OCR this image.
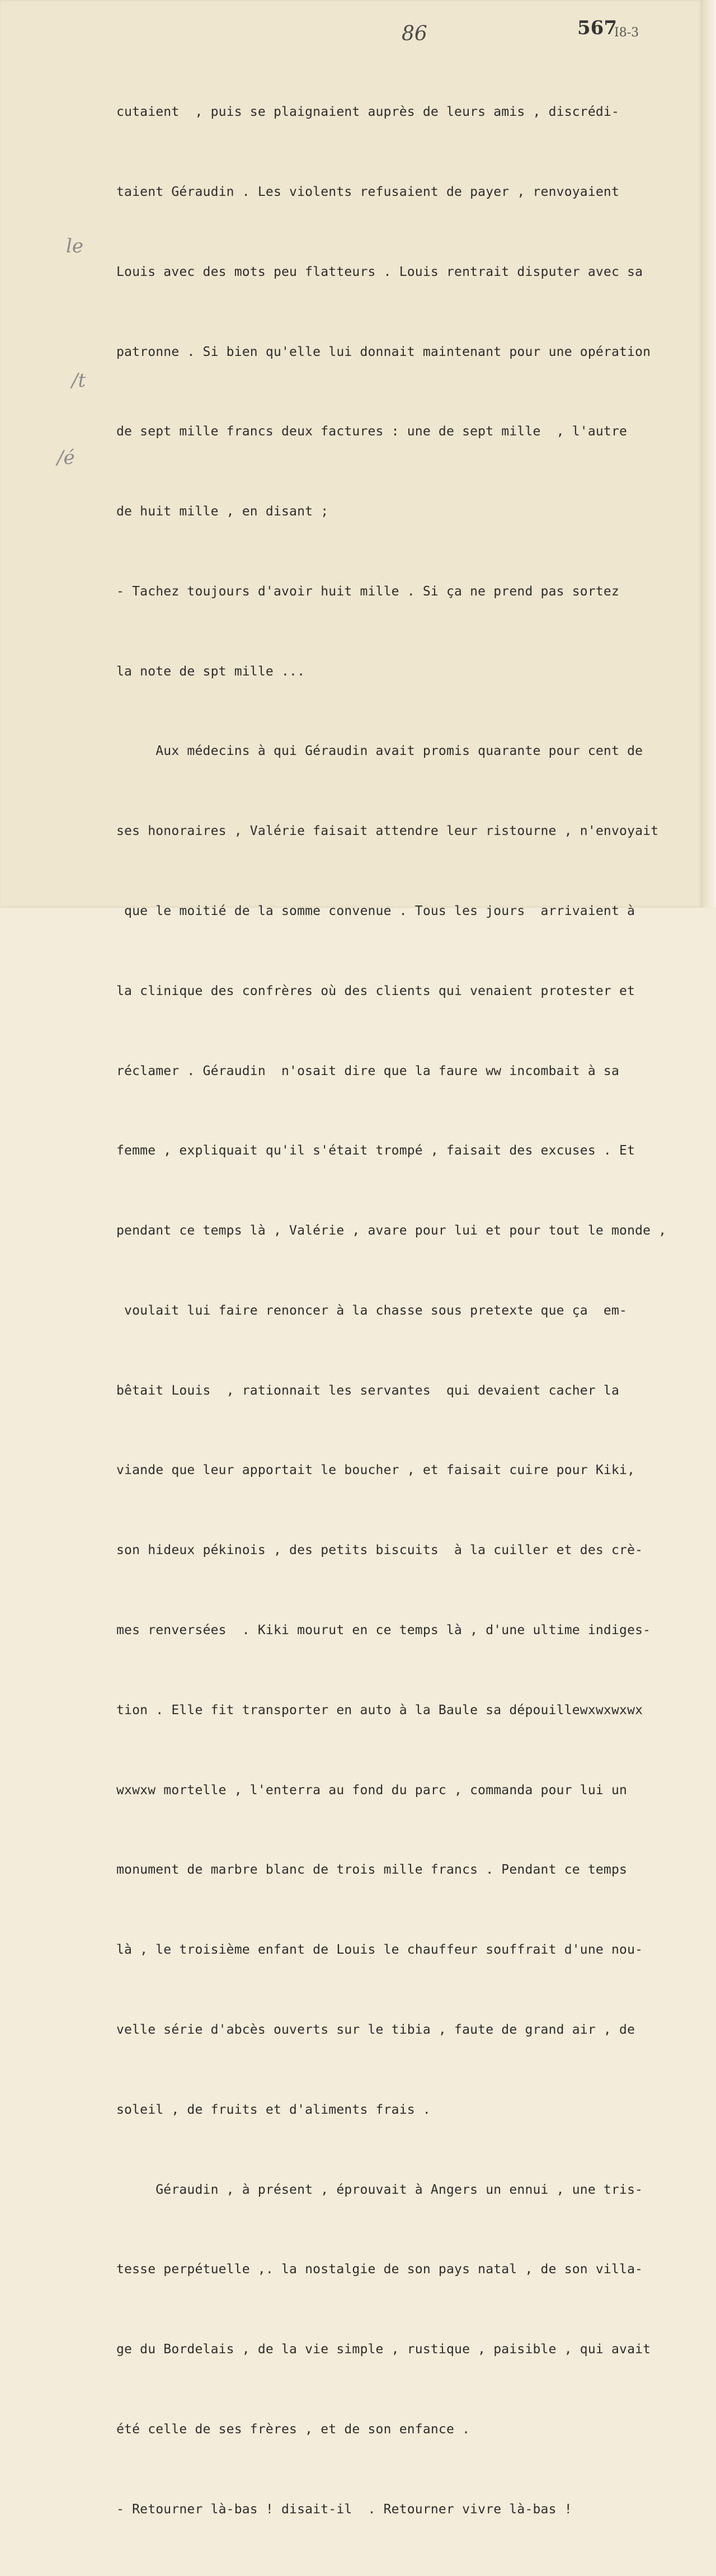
86	567
I8-3
le
/t
/é

cutaient  , puis se plaignaient auprès de leurs amis , discrédi-

taient Géraudin . Les violents refusaient de payer , renvoyaient

Louis avec des mots peu flatteurs . Louis rentrait disputer avec sa

patronne . Si bien qu'elle lui donnait maintenant pour une opération

de sept mille francs deux factures : une de sept mille  , l'autre

de huit mille , en disant ;

- Tachez toujours d'avoir huit mille . Si ça ne prend pas sortez

la note de spt mille ...

Aux médecins à qui Géraudin avait promis quarante pour cent de

ses honoraires , Valérie faisait attendre leur ristourne , n'envoyait

que le moitié de la somme convenue . Tous les jours  arrivaient à

la clinique des confrères où des clients qui venaient protester et

réclamer . Géraudin  n'osait dire que la faure ww incombait à sa

femme , expliquait qu'il s'était trompé , faisait des excuses . Et

pendant ce temps là , Valérie , avare pour lui et pour tout le monde ,

voulait lui faire renoncer à la chasse sous pretexte que ça  em-

bêtait Louis  , rationnait les servantes  qui devaient cacher la

viande que leur apportait le boucher , et faisait cuire pour Kiki,

son hideux pékinois , des petits biscuits  à la cuiller et des crè-

mes renversées  . Kiki mourut en ce temps là , d'une ultime indiges-

tion . Elle fit transporter en auto à la Baule sa dépouillewxwxwxwx

wxwxw mortelle , l'enterra au fond du parc , commanda pour lui un

monument de marbre blanc de trois mille francs . Pendant ce temps

là , le troisième enfant de Louis le chauffeur souffrait d'une nou-

velle série d'abcès ouverts sur le tibia , faute de grand air , de

soleil , de fruits et d'aliments frais .

Géraudin , à présent , éprouvait à Angers un ennui , une tris-

tesse perpétuelle ,. la nostalgie de son pays natal , de son villa-

ge du Bordelais , de la vie simple , rustique , paisible , qui avait

été celle de ses frères , et de son enfance .

- Retourner là-bas ! disait-il  . Retourner vivre là-bas !
